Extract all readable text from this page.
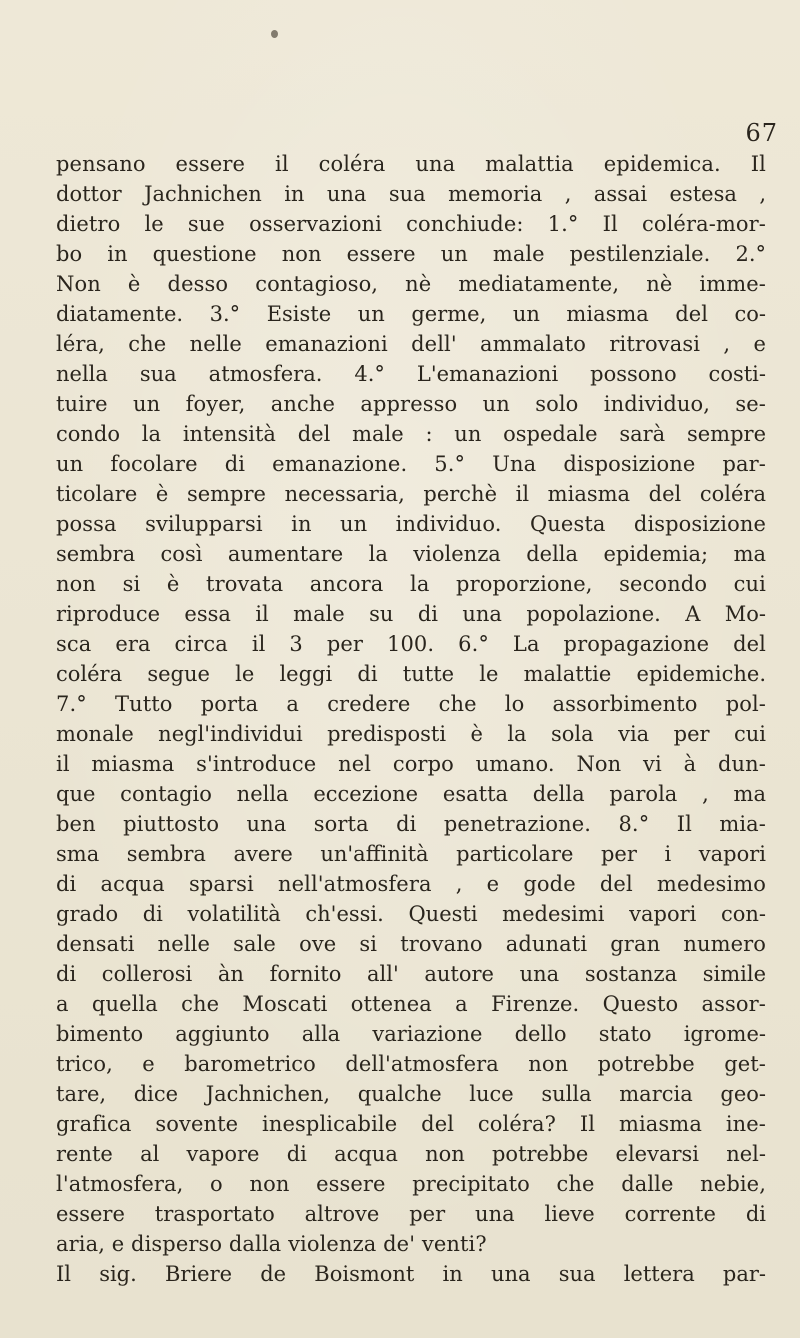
67
pensano essere il coléra una malattia epidemica. Il
dottor Jachnichen in una sua memoria , assai estesa ,
dietro le sue osservazioni conchiude: 1.° Il coléra-mor-
bo in questione non essere un male pestilenziale. 2.°
Non è desso contagioso, nè mediatamente, nè imme-
diatamente. 3.° Esiste un germe, un miasma del co-
léra, che nelle emanazioni dell' ammalato ritrovasi , e
nella sua atmosfera. 4.° L'emanazioni possono costi-
tuire un foyer, anche appresso un solo individuo, se-
condo la intensità del male : un ospedale sarà sempre
un focolare di emanazione. 5.° Una disposizione par-
ticolare è sempre necessaria, perchè il miasma del coléra
possa svilupparsi in un individuo. Questa disposizione
sembra così aumentare la violenza della epidemia; ma
non si è trovata ancora la proporzione, secondo cui
riproduce essa il male su di una popolazione. A Mo-
sca era circa il 3 per 100. 6.° La propagazione del
coléra segue le leggi di tutte le malattie epidemiche.
7.° Tutto porta a credere che lo assorbimento pol-
monale negl'individui predisposti è la sola via per cui
il miasma s'introduce nel corpo umano. Non vi à dun-
que contagio nella eccezione esatta della parola , ma
ben piuttosto una sorta di penetrazione. 8.° Il mia-
sma sembra avere un'affinità particolare per i vapori
di acqua sparsi nell'atmosfera , e gode del medesimo
grado di volatilità ch'essi. Questi medesimi vapori con-
densati nelle sale ove si trovano adunati gran numero
di collerosi àn fornito all' autore una sostanza simile
a quella che Moscati ottenea a Firenze. Questo assor-
bimento aggiunto alla variazione dello stato igrome-
trico, e barometrico dell'atmosfera non potrebbe get-
tare, dice Jachnichen, qualche luce sulla marcia geo-
grafica sovente inesplicabile del coléra? Il miasma ine-
rente al vapore di acqua non potrebbe elevarsi nel-
l'atmosfera, o non essere precipitato che dalle nebie,
essere trasportato altrove per una lieve corrente di
aria, e disperso dalla violenza de' venti?
Il sig. Briere de Boismont in una sua lettera par-
